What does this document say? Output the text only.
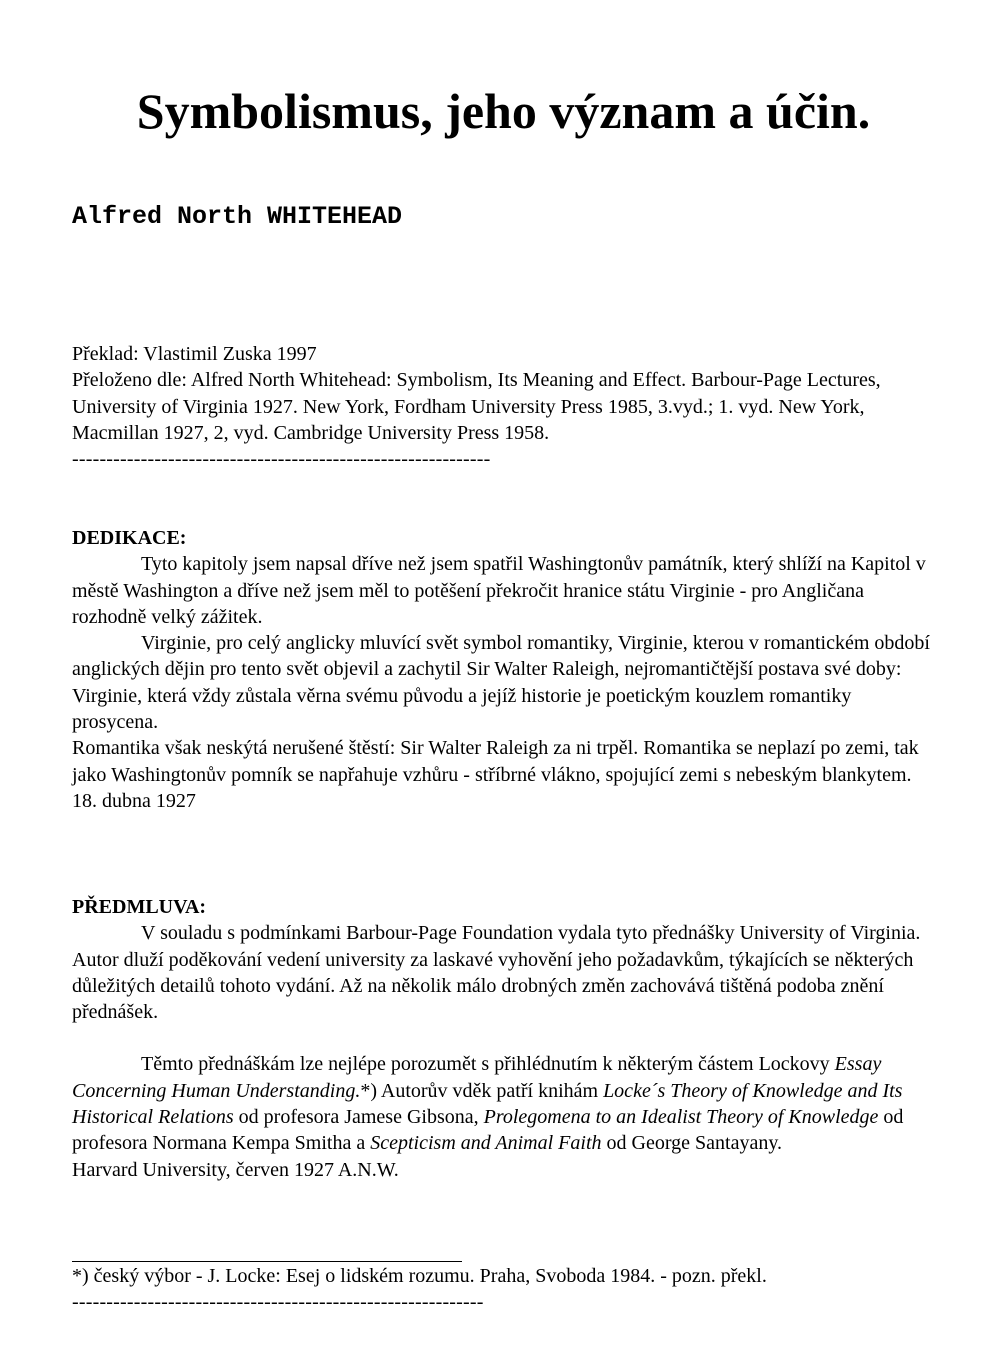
Symbolismus, jeho význam a účin.
Alfred North WHITEHEAD

Překlad: Vlastimil Zuska 1997

Přeloženo dle: Alfred North Whitehead: Symbolism, Its Meaning and Effect. Barbour-Page Lectures, University of Virginia 1927. New York, Fordham University Press 1985, 3.vyd.; 1. vyd. New York, Macmillan 1927, 2, vyd. Cambridge University Press 1958.

-------------------------------------------------------------

DEDIKACE:

Tyto kapitoly jsem napsal dříve než jsem spatřil Washingtonův památník, který shlíží na Kapitol v městě Washington a dříve než jsem měl to potěšení překročit hranice státu Virginie - pro Angličana rozhodně velký zážitek.

Virginie, pro celý anglicky mluvící svět symbol romantiky, Virginie, kterou v romantickém období anglických dějin pro tento svět objevil a zachytil Sir Walter Raleigh, nejromantičtější postava své doby: Virginie, která vždy zůstala věrna svému původu a jejíž historie je poetickým kouzlem romantiky prosycena.

Romantika však neskýtá nerušené štěstí: Sir Walter Raleigh za ni trpěl. Romantika se neplazí po zemi, tak jako Washingtonův pomník se napřahuje vzhůru - stříbrné vlákno, spojující zemi s nebeským blankytem.

18. dubna 1927

PŘEDMLUVA:

V souladu s podmínkami Barbour-Page Foundation vydala tyto přednášky University of Virginia. Autor dluží poděkování vedení university za laskavé vyhovění jeho požadavkům, týkajících se některých důležitých detailů tohoto vydání. Až na několik málo drobných změn zachovává tištěná podoba znění přednášek.

Těmto přednáškám lze nejlépe porozumět s přihlédnutím k některým částem Lockovy Essay Concerning Human Understanding.*) Autorův vděk patří knihám Locke´s Theory of Knowledge and Its Historical Relations od profesora Jamese Gibsona, Prolegomena to an Idealist Theory of Knowledge od profesora Normana Kempa Smitha a Scepticism and Animal Faith od George Santayany.

Harvard University, červen 1927 A.N.W.

*) český výbor - J. Locke: Esej o lidském rozumu. Praha, Svoboda 1984. - pozn. překl.

------------------------------------------------------------
